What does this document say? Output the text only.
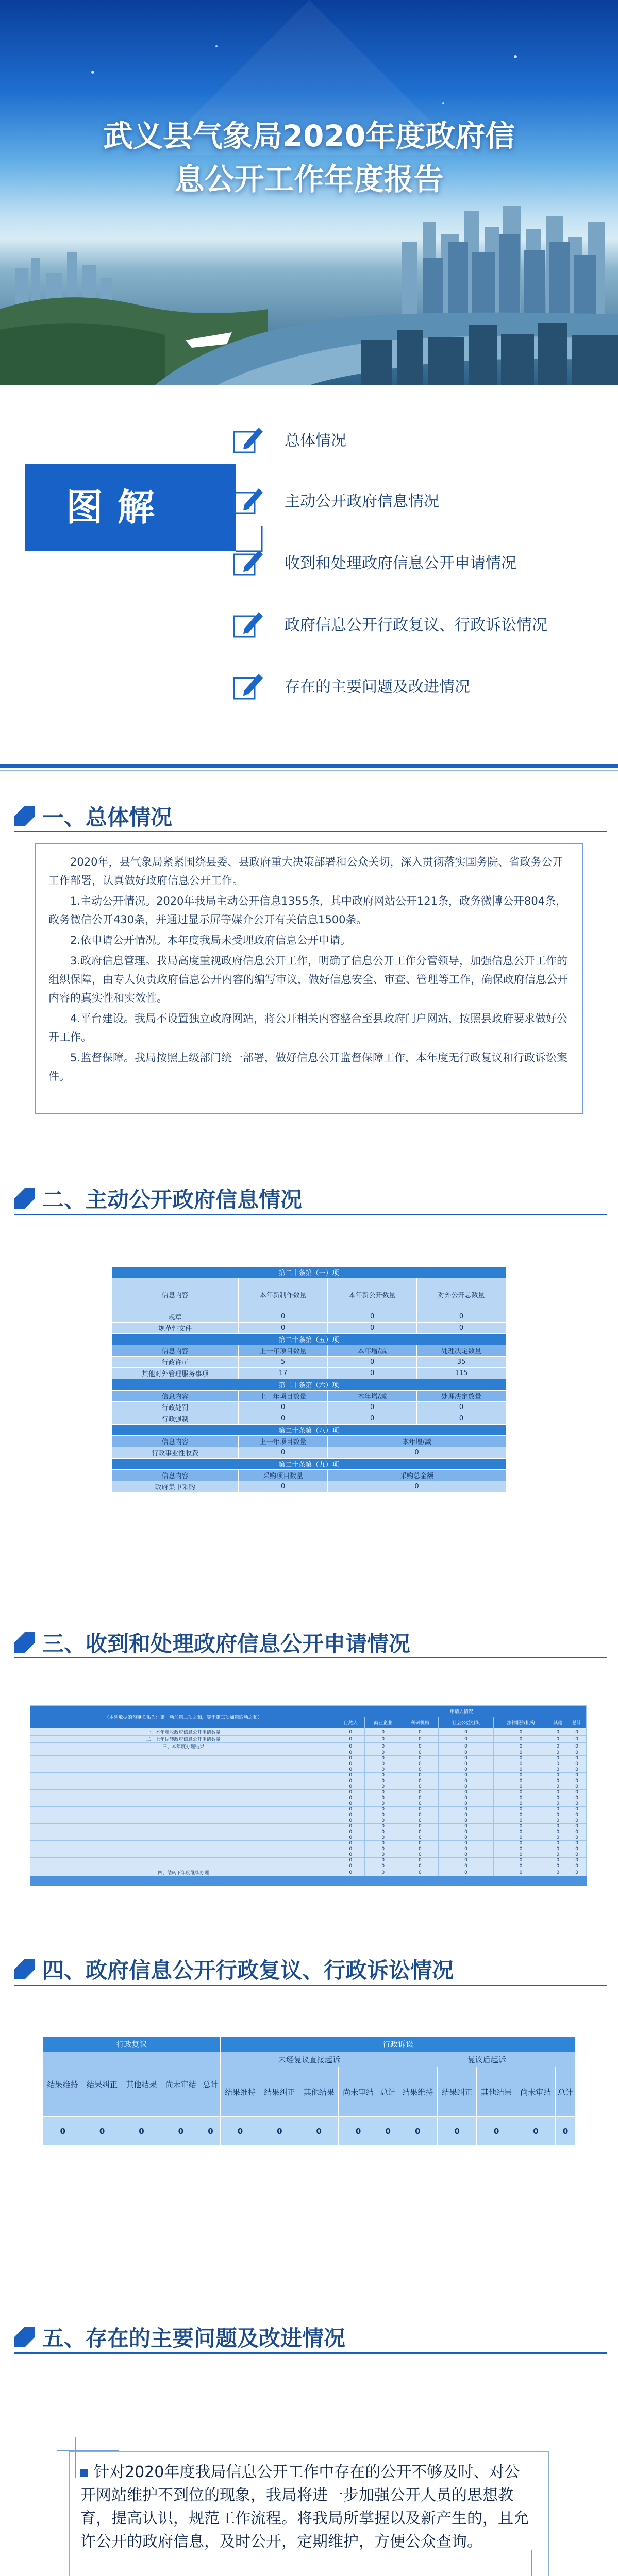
武义县气象局2020年度政府信
息公开工作年度报告
图解
总体情况
主动公开政府信息情况
收到和处理政府信息公开申请情况
政府信息公开行政复议、行政诉讼情况
存在的主要问题及改进情况
一、总体情况

2020年，县气象局紧紧围绕县委、县政府重大决策部署和公众关切，深入贯彻落实国务院、省政务公开工作部署，认真做好政府信息公开工作。

1.主动公开情况。2020年我局主动公开信息1355条，其中政府网站公开121条，政务微博公开804条，政务微信公开430条，并通过显示屏等媒介公开有关信息1500条。

2.依申请公开情况。本年度我局未受理政府信息公开申请。

3.政府信息管理。我局高度重视政府信息公开工作，明确了信息公开工作分管领导，加强信息公开工作的组织保障，由专人负责政府信息公开内容的编写审议，做好信息安全、审查、管理等工作，确保政府信息公开内容的真实性和实效性。

4.平台建设。我局不设置独立政府网站，将公开相关内容整合至县政府门户网站，按照县政府要求做好公开工作。

5.监督保障。我局按照上级部门统一部署，做好信息公开监督保障工作，本年度无行政复议和行政诉讼案件。

二、主动公开政府信息情况
第二十条第（一）项			
信息内容	本年新制作数量	本年新公开数量	对外公开总数量
规章	0	0	0
规范性文件	0	0	0
第二十条第（五）项			
信息内容	上一年项目数量	本年增/减	处理决定数量
行政许可	5	0	35
其他对外管理服务事项	17	0	115
第二十条第（六）项			
信息内容	上一年项目数量	本年增/减	处理决定数量
行政处罚	0	0	0
行政强制	0	0	0
第二十条第（八）项			
信息内容	上一年项目数量	本年增/减	
行政事业性收费	0	0	
第二十条第（九）项			
信息内容	采购项目数量	采购总金额	
政府集中采购	0	0	
三、收到和处理政府信息公开申请情况
（本列数据的勾稽关系为：第一项加第二项之和，等于第三项加第四项之和）	申请人情况						
	自然人	商业企业	科研机构	社会公益组织	法律服务机构	其他	总计
一、本年新收政府信息公开申请数量	0	0	0	0	0	0	0
二、上年结转政府信息公开申请数量	0	0	0	0	0	0	0
三、本年度办理结果	0	0	0	0	0	0	0
	0	0	0	0	0	0	0
	0	0	0	0	0	0	0
	0	0	0	0	0	0	0
	0	0	0	0	0	0	0
	0	0	0	0	0	0	0
	0	0	0	0	0	0	0
	0	0	0	0	0	0	0
	0	0	0	0	0	0	0
	0	0	0	0	0	0	0
	0	0	0	0	0	0	0
	0	0	0	0	0	0	0
	0	0	0	0	0	0	0
	0	0	0	0	0	0	0
	0	0	0	0	0	0	0
	0	0	0	0	0	0	0
	0	0	0	0	0	0	0
	0	0	0	0	0	0	0
	0	0	0	0	0	0	0
	0	0	0	0	0	0	0
	0	0	0	0	0	0	0
	0	0	0	0	0	0	0
四、结转下年度继续办理	0	0	0	0	0	0	0
四、政府信息公开行政复议、行政诉讼情况
行政复议					行政诉讼									
结果维持	结果纠正	其他结果	尚未审结	总计	未经复议直接起诉					复议后起诉				
					结果维持	结果纠正	其他结果	尚未审结	总计	结果维持	结果纠正	其他结果	尚未审结	总计
0	0	0	0	0	0	0	0	0	0	0	0	0	0	0
五、存在的主要问题及改进情况
针对2020年度我局信息公开工作中存在的公开不够及时、对公开网站维护不到位的现象，我局将进一步加强公开人员的思想教育，提高认识，规范工作流程。将我局所掌握以及新产生的，且允许公开的政府信息，及时公开，定期维护，方便公众查询。
